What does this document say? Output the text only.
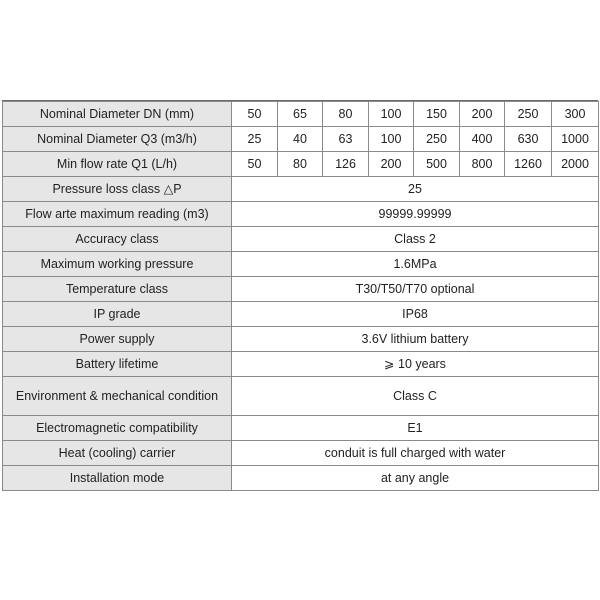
Nominal Diameter DN (mm)	50	65	80	100	150	200	250	300
Nominal Diameter Q3 (m3/h)	25	40	63	100	250	400	630	1000
Min flow rate Q1 (L/h)	50	80	126	200	500	800	1260	2000
Pressure loss class △P	25							
Flow arte maximum reading (m3)	99999.99999							
Accuracy class	Class 2							
Maximum working pressure	1.6MPa							
Temperature class	T30/T50/T70 optional							
IP grade	IP68							
Power supply	3.6V lithium battery							
Battery lifetime	⩾ 10 years							
Environment & mechanical condition	Class C							
Electromagnetic compatibility	E1							
Heat (cooling) carrier	conduit is full charged with water							
Installation mode	at any angle							
